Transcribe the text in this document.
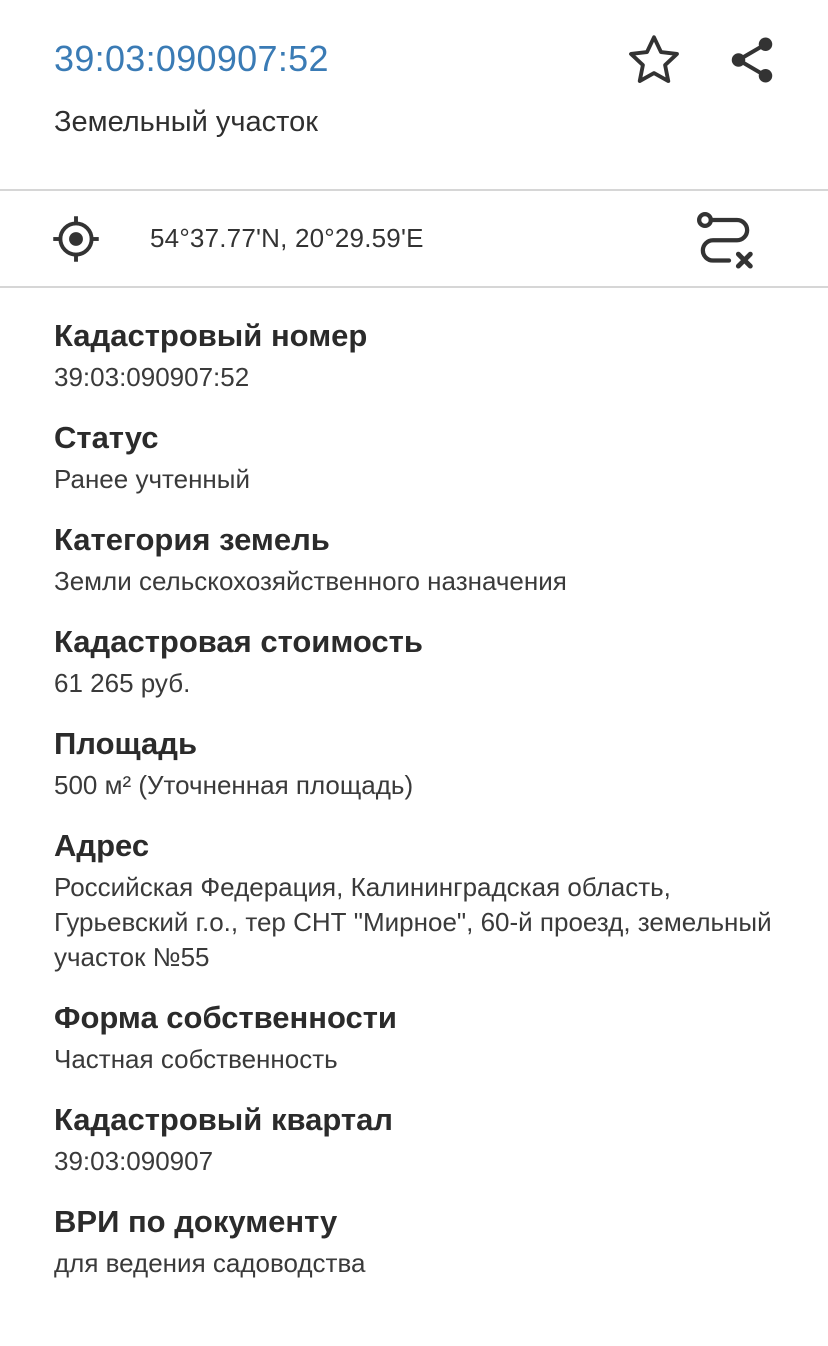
39:03:090907:52
Земельный участок
54°37.77'N, 20°29.59'E
Кадастровый номер
39:03:090907:52
Статус
Ранее учтенный
Категория земель
Земли сельскохозяйственного назначения
Кадастровая стоимость
61 265 руб.
Площадь
500 м² (Уточненная площадь)
Адрес
Российская Федерация, Калининградская область, Гурьевский г.о., тер СНТ "Мирное", 60-й проезд, земельный участок №55
Форма собственности
Частная собственность
Кадастровый квартал
39:03:090907
ВРИ по документу
для ведения садоводства
